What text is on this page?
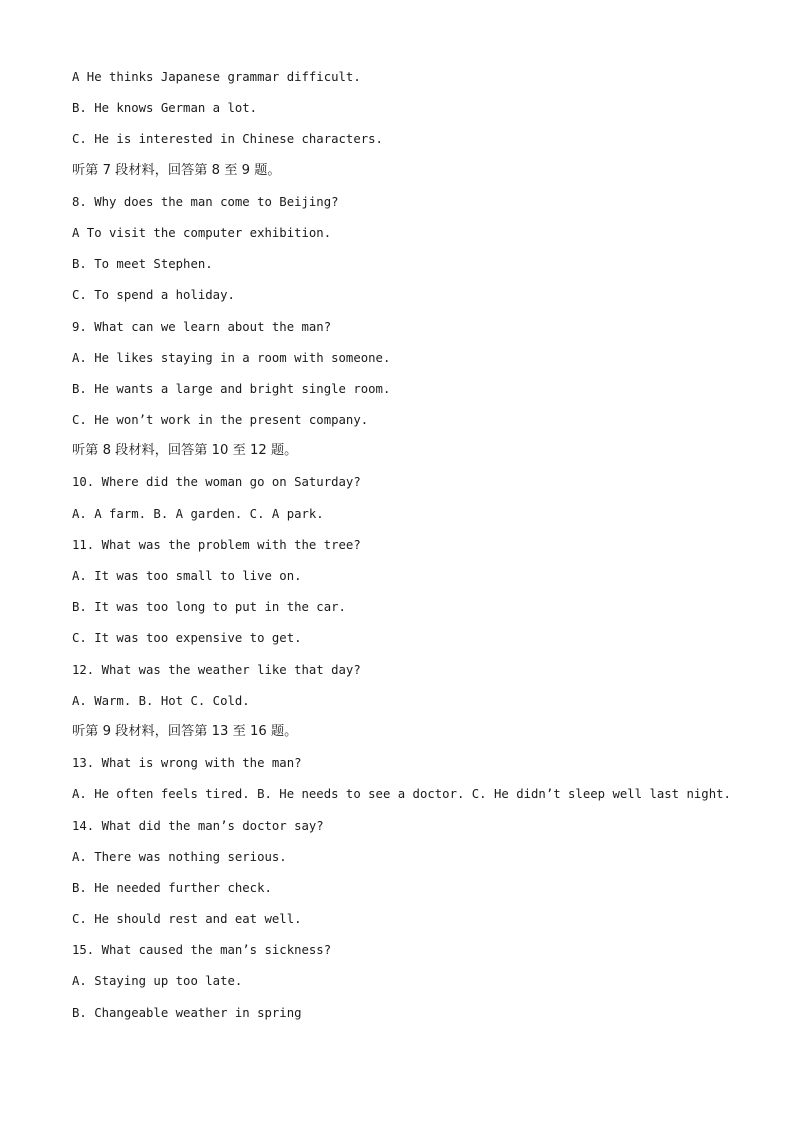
A He thinks Japanese grammar difficult.
B. He knows German a lot.
C. He is interested in Chinese characters.
听第 7 段材料，回答第 8 至 9 题。
8. Why does the man come to Beijing?
A To visit the computer exhibition.
B. To meet Stephen.
C. To spend a holiday.
9. What can we learn about the man?
A. He likes staying in a room with someone.
B. He wants a large and bright single room.
C. He won’t work in the present company.
听第 8 段材料，回答第 10 至 12 题。
10. Where did the woman go on Saturday?
A. A farm. B. A garden. C. A park.
11. What was the problem with the tree?
A. It was too small to live on.
B. It was too long to put in the car.
C. It was too expensive to get.
12. What was the weather like that day?
A. Warm. B. Hot C. Cold.
听第 9 段材料，回答第 13 至 16 题。
13. What is wrong with the man?
A. He often feels tired. B. He needs to see a doctor. C. He didn’t sleep well last night.
14. What did the man’s doctor say?
A. There was nothing serious.
B. He needed further check.
C. He should rest and eat well.
15. What caused the man’s sickness?
A. Staying up too late.
B. Changeable weather in spring
